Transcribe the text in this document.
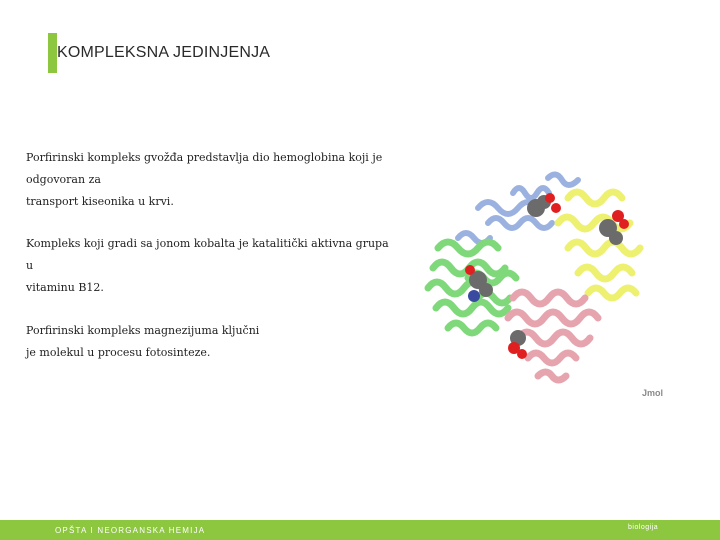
KOMPLEKSNA JEDINJENJA
Porfirinski kompleks gvožđa predstavlja dio hemoglobina koji je
odgovoran za
transport kiseonika u krvi.
Kompleks koji gradi sa jonom kobalta je katalitički aktivna grupa
u
vitaminu B12.
Porfirinski kompleks magnezijuma ključni
je molekul u procesu fotosinteze.
Jmol
OPŠTA I NEORGANSKA HEMIJA	biologija
